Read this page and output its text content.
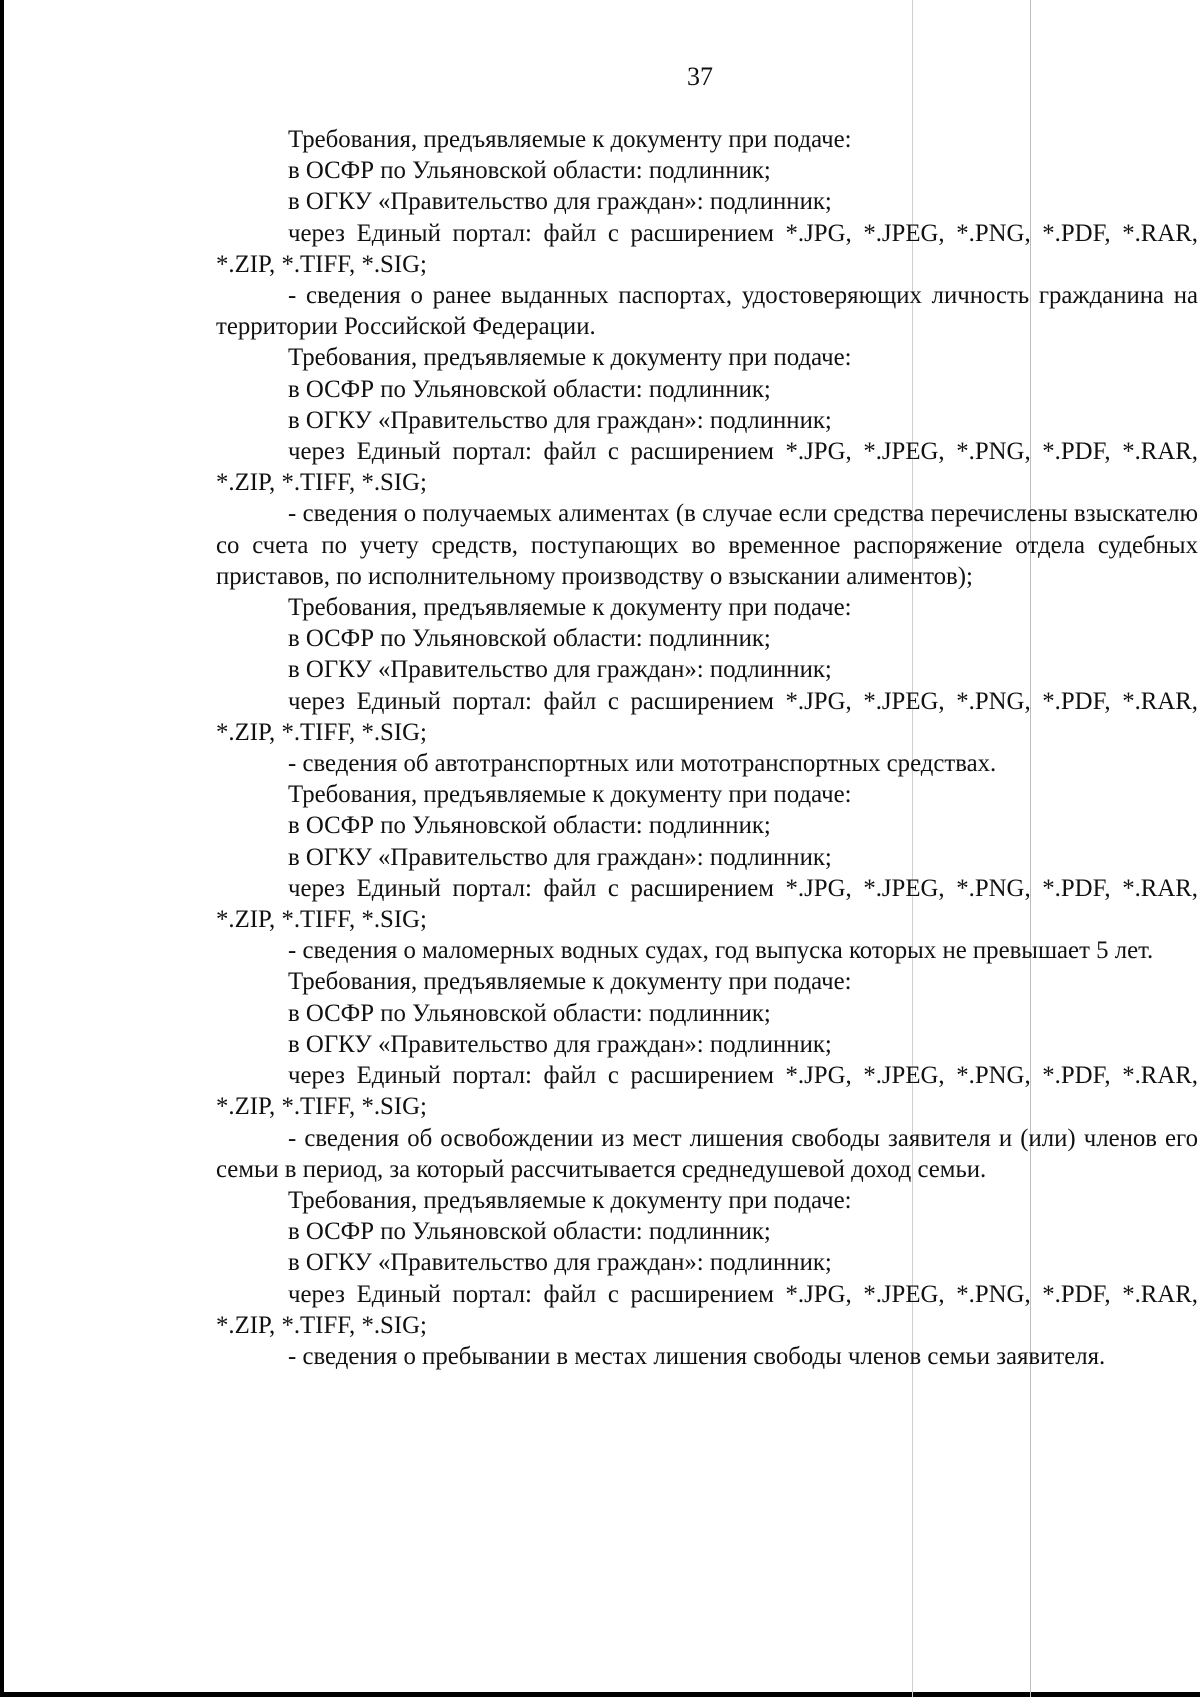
37

Требования, предъявляемые к документу при подаче:

в ОСФР по Ульяновской области: подлинник;

в ОГКУ «Правительство для граждан»: подлинник;

через Единый портал: файл с расширением *.JPG, *.JPEG, *.PNG, *.PDF, *.RAR, *.ZIP, *.TIFF, *.SIG;

- сведения о ранее выданных паспортах, удостоверяющих личность гражданина на территории Российской Федерации.

Требования, предъявляемые к документу при подаче:

в ОСФР по Ульяновской области: подлинник;

в ОГКУ «Правительство для граждан»: подлинник;

через Единый портал: файл с расширением *.JPG, *.JPEG, *.PNG, *.PDF, *.RAR, *.ZIP, *.TIFF, *.SIG;

- сведения о получаемых алиментах (в случае если средства перечислены взыскателю со счета по учету средств, поступающих во временное распоряжение отдела судебных приставов, по исполнительному производству о взыскании алиментов);

Требования, предъявляемые к документу при подаче:

в ОСФР по Ульяновской области: подлинник;

в ОГКУ «Правительство для граждан»: подлинник;

через Единый портал: файл с расширением *.JPG, *.JPEG, *.PNG, *.PDF, *.RAR, *.ZIP, *.TIFF, *.SIG;

- сведения об автотранспортных или мототранспортных средствах.

Требования, предъявляемые к документу при подаче:

в ОСФР по Ульяновской области: подлинник;

в ОГКУ «Правительство для граждан»: подлинник;

через Единый портал: файл с расширением *.JPG, *.JPEG, *.PNG, *.PDF, *.RAR, *.ZIP, *.TIFF, *.SIG;

- сведения о маломерных водных судах, год выпуска которых не превышает 5 лет.

Требования, предъявляемые к документу при подаче:

в ОСФР по Ульяновской области: подлинник;

в ОГКУ «Правительство для граждан»: подлинник;

через Единый портал: файл с расширением *.JPG, *.JPEG, *.PNG, *.PDF, *.RAR, *.ZIP, *.TIFF, *.SIG;

- сведения об освобождении из мест лишения свободы заявителя и (или) членов его семьи в период, за который рассчитывается среднедушевой доход семьи.

Требования, предъявляемые к документу при подаче:

в ОСФР по Ульяновской области: подлинник;

в ОГКУ «Правительство для граждан»: подлинник;

через Единый портал: файл с расширением *.JPG, *.JPEG, *.PNG, *.PDF, *.RAR, *.ZIP, *.TIFF, *.SIG;

- сведения о пребывании в местах лишения свободы членов семьи заявителя.
